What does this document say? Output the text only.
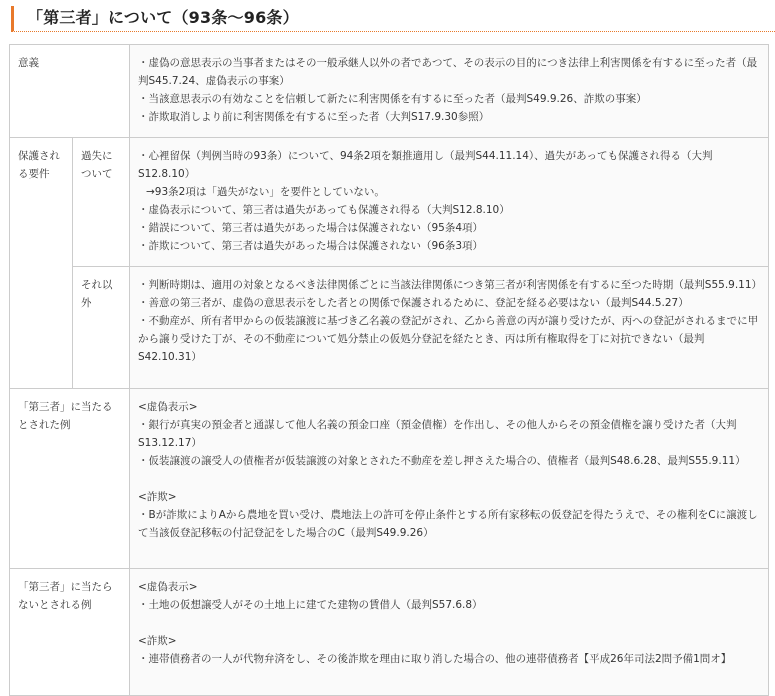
「第三者」について（93条〜96条）
意義		・虚偽の意思表示の当事者またはその一般承継人以外の者であつて、その表示の目的につき法律上利害関係を有するに至った者（最判S45.7.24、虚偽表示の事案）
・当該意思表示の有効なことを信頼して新たに利害関係を有するに至った者（最判S49.9.26、詐欺の事案）
・詐欺取消しより前に利害関係を有するに至った者（大判S17.9.30参照）

保護される要件	過失について	・心裡留保（判例当時の93条）について、94条2項を類推適用し（最判S44.11.14）、過失があっても保護され得る（大判S12.8.10）
→93条2項は「過失がない」を要件としていない。
・虚偽表示について、第三者は過失があっても保護され得る（大判S12.8.10）
・錯誤について、第三者は過失があった場合は保護されない（95条4項）
・詐欺について、第三者は過失があった場合は保護されない（96条3項）

	それ以外	・判断時期は、適用の対象となるべき法律関係ごとに当該法律関係につき第三者が利害関係を有するに至つた時期（最判S55.9.11）
・善意の第三者が、虚偽の意思表示をした者との関係で保護されるために、登記を経る必要はない（最判S44.5.27）
・不動産が、所有者甲からの仮装譲渡に基づき乙名義の登記がされ、乙から善意の丙が譲り受けたが、丙への登記がされるまでに甲から譲り受けた丁が、その不動産について処分禁止の仮処分登記を経たとき、丙は所有権取得を丁に対抗できない（最判S42.10.31）

「第三者」に当たるとされた例		<虚偽表示>
・銀行が真実の預金者と通謀して他人名義の預金口座（預金債権）を作出し、その他人からその預金債権を譲り受けた者（大判S13.12.17）
・仮装譲渡の譲受人の債権者が仮装譲渡の対象とされた不動産を差し押さえた場合の、債権者（最判S48.6.28、最判S55.9.11）
<詐欺>
・Bが詐欺によりAから農地を買い受け、農地法上の許可を停止条件とする所有家移転の仮登記を得たうえで、その権利をCに譲渡して当該仮登記移転の付記登記をした場合のC（最判S49.9.26）

「第三者」に当たらないとされる例		<虚偽表示>
・土地の仮想譲受人がその土地上に建てた建物の賃借人（最判S57.6.8）
<詐欺>
・連帯債務者の一人が代物弁済をし、その後詐欺を理由に取り消した場合の、他の連帯債務者【平成26年司法2問予備1問オ】
